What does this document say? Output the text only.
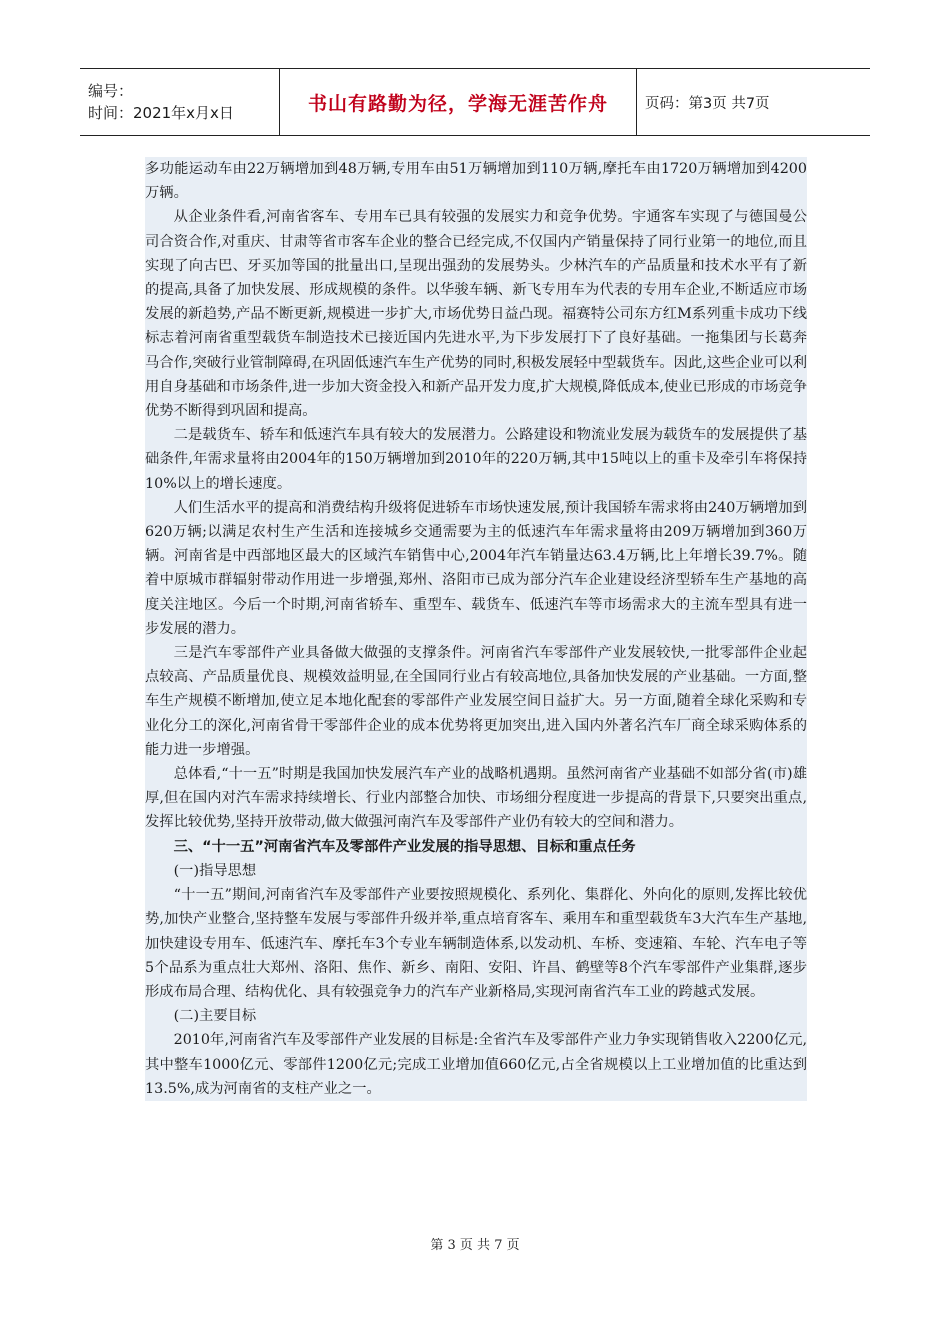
编号：
时间：2021年x月x日	书山有路勤为径，学海无涯苦作舟	页码：第3页 共7页

多功能运动车由22万辆增加到48万辆,专用车由51万辆增加到110万辆,摩托车由1720万辆增加到4200万辆。

从企业条件看,河南省客车、专用车已具有较强的发展实力和竞争优势。宇通客车实现了与德国曼公司合资合作,对重庆、甘肃等省市客车企业的整合已经完成,不仅国内产销量保持了同行业第一的地位,而且实现了向古巴、牙买加等国的批量出口,呈现出强劲的发展势头。少林汽车的产品质量和技术水平有了新的提高,具备了加快发展、形成规模的条件。以华骏车辆、新飞专用车为代表的专用车企业,不断适应市场发展的新趋势,产品不断更新,规模进一步扩大,市场优势日益凸现。福赛特公司东方红M系列重卡成功下线标志着河南省重型载货车制造技术已接近国内先进水平,为下步发展打下了良好基础。一拖集团与长葛奔马合作,突破行业管制障碍,在巩固低速汽车生产优势的同时,积极发展轻中型载货车。因此,这些企业可以利用自身基础和市场条件,进一步加大资金投入和新产品开发力度,扩大规模,降低成本,使业已形成的市场竞争优势不断得到巩固和提高。

二是载货车、轿车和低速汽车具有较大的发展潜力。公路建设和物流业发展为载货车的发展提供了基础条件,年需求量将由2004年的150万辆增加到2010年的220万辆,其中15吨以上的重卡及牵引车将保持10%以上的增长速度。

人们生活水平的提高和消费结构升级将促进轿车市场快速发展,预计我国轿车需求将由240万辆增加到620万辆;以满足农村生产生活和连接城乡交通需要为主的低速汽车年需求量将由209万辆增加到360万辆。河南省是中西部地区最大的区域汽车销售中心,2004年汽车销量达63.4万辆,比上年增长39.7%。随着中原城市群辐射带动作用进一步增强,郑州、洛阳市已成为部分汽车企业建设经济型轿车生产基地的高度关注地区。今后一个时期,河南省轿车、重型车、载货车、低速汽车等市场需求大的主流车型具有进一步发展的潜力。

三是汽车零部件产业具备做大做强的支撑条件。河南省汽车零部件产业发展较快,一批零部件企业起点较高、产品质量优良、规模效益明显,在全国同行业占有较高地位,具备加快发展的产业基础。一方面,整车生产规模不断增加,使立足本地化配套的零部件产业发展空间日益扩大。另一方面,随着全球化采购和专业化分工的深化,河南省骨干零部件企业的成本优势将更加突出,进入国内外著名汽车厂商全球采购体系的能力进一步增强。

总体看,“十一五”时期是我国加快发展汽车产业的战略机遇期。虽然河南省产业基础不如部分省(市)雄厚,但在国内对汽车需求持续增长、行业内部整合加快、市场细分程度进一步提高的背景下,只要突出重点,发挥比较优势,坚持开放带动,做大做强河南汽车及零部件产业仍有较大的空间和潜力。

三、“十一五”河南省汽车及零部件产业发展的指导思想、目标和重点任务

(一)指导思想

“十一五”期间,河南省汽车及零部件产业要按照规模化、系列化、集群化、外向化的原则,发挥比较优势,加快产业整合,坚持整车发展与零部件升级并举,重点培育客车、乘用车和重型载货车3大汽车生产基地,加快建设专用车、低速汽车、摩托车3个专业车辆制造体系,以发动机、车桥、变速箱、车轮、汽车电子等5个品系为重点壮大郑州、洛阳、焦作、新乡、南阳、安阳、许昌、鹤壁等8个汽车零部件产业集群,逐步形成布局合理、结构优化、具有较强竞争力的汽车产业新格局,实现河南省汽车工业的跨越式发展。

(二)主要目标

2010年,河南省汽车及零部件产业发展的目标是:全省汽车及零部件产业力争实现销售收入2200亿元,其中整车1000亿元、零部件1200亿元;完成工业增加值660亿元,占全省规模以上工业增加值的比重达到13.5%,成为河南省的支柱产业之一。

第 3 页 共 7 页
